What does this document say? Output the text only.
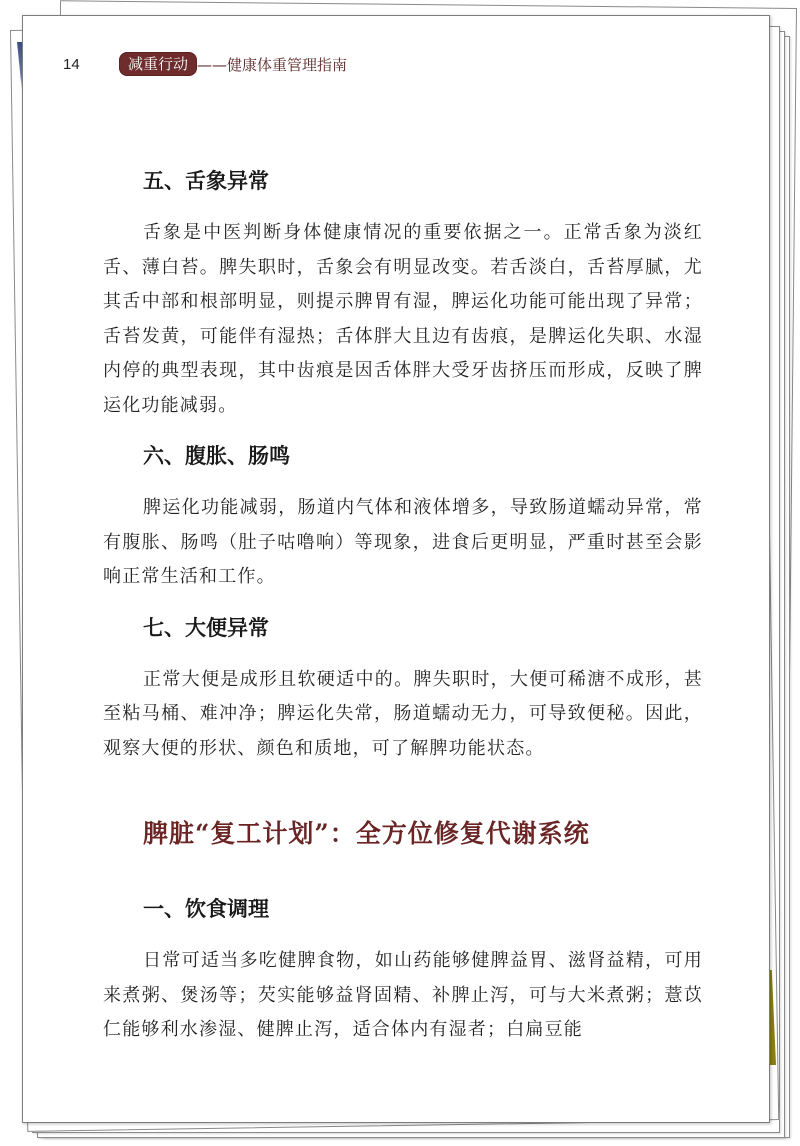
14	减重行动 ——健康体重管理指南
五、舌象异常

舌象是中医判断身体健康情况的重要依据之一。正常舌象为淡红舌、薄白苔。脾失职时，舌象会有明显改变。若舌淡白，舌苔厚腻，尤其舌中部和根部明显，则提示脾胃有湿，脾运化功能可能出现了异常；舌苔发黄，可能伴有湿热；舌体胖大且边有齿痕，是脾运化失职、水湿内停的典型表现，其中齿痕是因舌体胖大受牙齿挤压而形成，反映了脾运化功能减弱。

六、腹胀、肠鸣

脾运化功能减弱，肠道内气体和液体增多，导致肠道蠕动异常，常有腹胀、肠鸣（肚子咕噜响）等现象，进食后更明显，严重时甚至会影响正常生活和工作。

七、大便异常

正常大便是成形且软硬适中的。脾失职时，大便可稀溏不成形，甚至粘马桶、难冲净；脾运化失常，肠道蠕动无力，可导致便秘。因此，观察大便的形状、颜色和质地，可了解脾功能状态。

脾脏“复工计划”：全方位修复代谢系统
一、饮食调理

日常可适当多吃健脾食物，如山药能够健脾益胃、滋肾益精，可用来煮粥、煲汤等；芡实能够益肾固精、补脾止泻，可与大米煮粥；薏苡仁能够利水渗湿、健脾止泻，适合体内有湿者；白扁豆能
